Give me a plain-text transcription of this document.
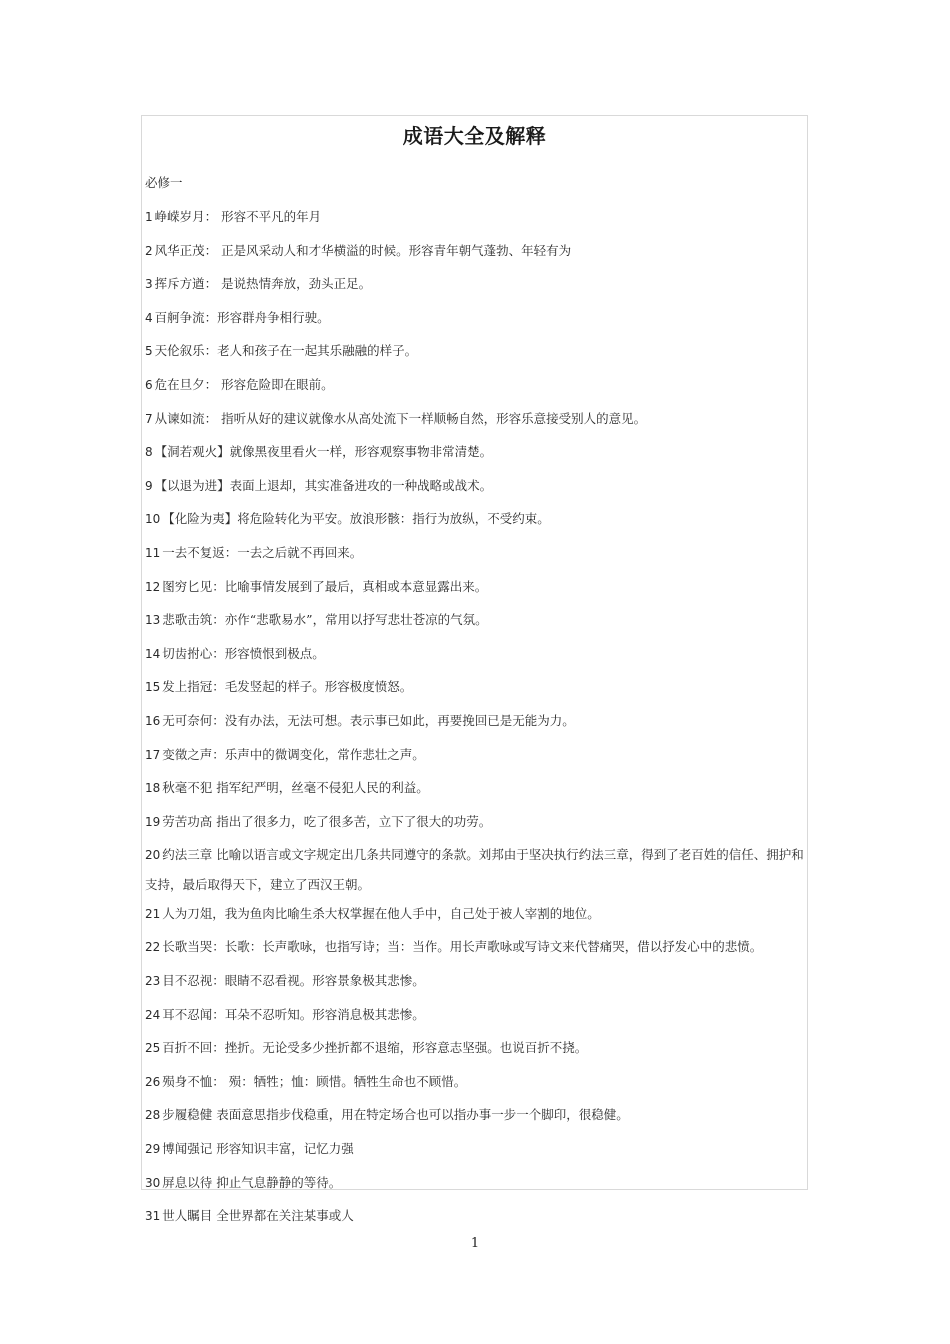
成语大全及解释

必修一

1 峥嵘岁月： 形容不平凡的年月
2 风华正茂： 正是风采动人和才华横溢的时候。形容青年朝气蓬勃、年轻有为
3 挥斥方遒： 是说热情奔放，劲头正足。
4 百舸争流：形容群舟争相行驶。
5 天伦叙乐：老人和孩子在一起其乐融融的样子。
6 危在旦夕： 形容危险即在眼前。
7 从谏如流： 指听从好的建议就像水从高处流下一样顺畅自然，形容乐意接受别人的意见。
8 【洞若观火】就像黑夜里看火一样，形容观察事物非常清楚。
9 【以退为进】表面上退却，其实准备进攻的一种战略或战术。
10 【化险为夷】将危险转化为平安。放浪形骸：指行为放纵，不受约束。
11 一去不复返：一去之后就不再回来。
12 图穷匕见：比喻事情发展到了最后，真相或本意显露出来。
13 悲歌击筑：亦作“悲歌易水”，常用以抒写悲壮苍凉的气氛。
14 切齿拊心：形容愤恨到极点。
15 发上指冠：毛发竖起的样子。形容极度愤怒。
16 无可奈何：没有办法，无法可想。表示事已如此，再要挽回已是无能为力。
17 变徵之声：乐声中的微调变化，常作悲壮之声。
18 秋毫不犯 指军纪严明，丝毫不侵犯人民的利益。
19 劳苦功高 指出了很多力，吃了很多苦，立下了很大的功劳。
20 约法三章 比喻以语言或文字规定出几条共同遵守的条款。刘邦由于坚决执行约法三章，得到了老百姓的信任、拥护和支持，最后取得天下，建立了西汉王朝。
21 人为刀俎，我为鱼肉比喻生杀大权掌握在他人手中，自己处于被人宰割的地位。
22 长歌当哭：长歌：长声歌咏，也指写诗；当：当作。用长声歌咏或写诗文来代替痛哭，借以抒发心中的悲愤。
23 目不忍视：眼睛不忍看视。形容景象极其悲惨。
24 耳不忍闻：耳朵不忍听知。形容消息极其悲惨。
25 百折不回：挫折。无论受多少挫折都不退缩，形容意志坚强。也说百折不挠。
26 殒身不恤： 殒：牺牲；恤：顾惜。牺牲生命也不顾惜。
28 步履稳健 表面意思指步伐稳重，用在特定场合也可以指办事一步一个脚印，很稳健。
29 博闻强记 形容知识丰富，记忆力强
30 屏息以待 抑止气息静静的等待。
31 世人瞩目 全世界都在关注某事或人
1
